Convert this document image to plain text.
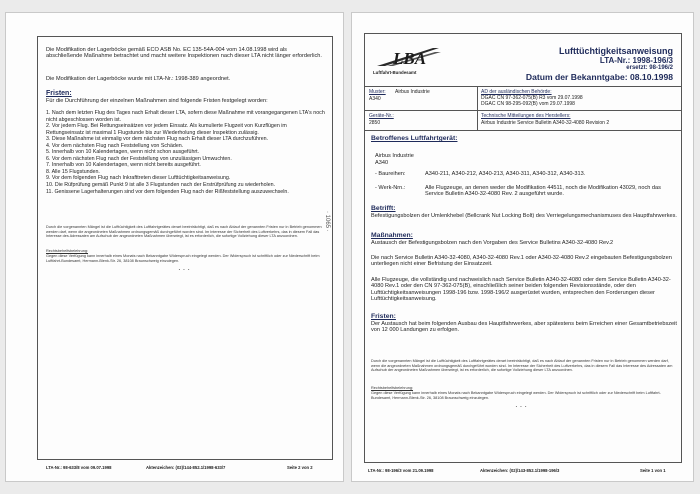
Die Modifikation der Lagerböcke gemäß ECO ASB No. EC 135-54A-004 vom 14.08.1998 wird als abschließende Maßnahme betrachtet und macht weitere Inspektionen nach dieser LTA nicht länger erforderlich.

Die Modifikation der Lagerböcke wurde mit LTA-Nr.: 1998-389 angeordnet.

Fristen:

Für die Durchführung der einzelnen Maßnahmen sind folgende Fristen festgelegt worden:

1. Nach dem letzten Flug des Tages nach Erhalt dieser LTA, sofern diese Maßnahme mit vorangegangenen LTA's noch nicht abgeschlossen worden ist.
2. Vor jedem Flug. Bei Rettungseinsätzen vor jedem Einsatz. Als kumulierte Flugzeit von Kurzflügen im Rettungseinsatz ist maximal 1 Flugstunde bis zur Wiederholung dieser Inspektion zulässig.
3. Diese Maßnahme ist einmalig vor dem nächsten Flug nach Erhalt dieser LTA durchzuführen.
4. Vor dem nächsten Flug nach Feststellung von Schäden.
5. Innerhalb von 10 Kalendertagen, wenn nicht schon ausgeführt.
6. Vor dem nächsten Flug nach der Feststellung von unzulässigen Umwuchten.
7. Innerhalb von 10 Kalendertagen, wenn nicht bereits ausgeführt.
8. Alle 15 Flugstunden.
9. Vor dem folgenden Flug nach Inkrafttreten dieser Lufttüchtigkeitsanweisung.
10. Die Rüfprüfung gemäß Punkt 9 ist alle 3 Flugstunden nach der Erstrüfprüfung zu wiederholen.
11. Genissene Lagerhalterungen sind vor dem folgenden Flug nach der Rißfeststellung auszuwechseln.

Durch die vorgenannten Mängel ist die Lufttüchtigkeit des Luftfahrtgerätes derart beeinträchtigt, daß es nach Ablauf der genannten Fristen nur in Betrieb genommen werden darf, wenn die angeordneten Maßnahmen ordnungsgemäß durchgeführt worden sind. Im Interesse der Sicherheit des Luftverkehrs, das in diesem Fall das Interesse des Adressaten am Aufschub der angeordneten Maßnahmen überwiegt, ist es erforderlich, die sofortige Vollziehung dieser LTA anzuordnen.

Rechtsbehelfsbelehrung:

Gegen diese Verfügung kann innerhalb eines Monats nach Bekanntgabe Widerspruch eingelegt werden. Der Widerspruch ist schriftlich oder zur Niederschrift beim Luftfahrt-Bundesamt, Hermann-Blenk-Str. 26, 38108 Braunschweig einzulegen.

···
LTA-Nr.: 98-633/8 vom 09.07.1998	Aktenzeichen: (02)/144-852.1/1998-633/7	Seite 2 von 2
· 1065 ·
LBA
Luftfahrt-Bundesamt
Lufttüchtigkeitsanweisung
LTA-Nr.: 1998-196/3
ersetzt: 98-196/2
Datum der Bekanntgabe: 08.10.1998
Muster: Airbus Industrie
A340
AD der ausländischen Behörde:
DGAC CN 97-362-075(B) R3 vom 29.07.1998
DGAC CN 98-295-092(B) vom 29.07.1998
Geräte-Nr.:
2850
Technische Mitteilungen des Herstellers:
Airbus Industrie Service Bulletin A340-32-4080 Revision 2
Betroffenes Luftfahrtgerät:
Airbus Industrie
A340
- Baureihen:	A340-211, A340-212, A340-213, A340-311, A340-312, A340-313.
- Werk-Nrn.:	Alle Flugzeuge, an denen weder die Modifikation 44511, noch die Modifikation 43029, noch das Service Bulletin A340-32-4080 Rev. 2 ausgeführt wurde.
Betrifft:

Befestigungsbolzen der Umlenkhebel (Bellcrank Nut Locking Bolt) des Verriegelungsmechanismuses des Hauptfahrwerkes.

Maßnahmen:

Austausch der Befestigungsbolzen nach den Vorgaben des Service Bulletins A340-32-4080 Rev.2

Die nach Service Bulletin A340-32-4080, A340-32-4080 Rev.1 oder A340-32-4080 Rev.2 eingebauten Befestigungsbolzen unterliegen nicht einer Befristung der Einsatzzeit.

Alle Flugzeuge, die vollständig und nachweislich nach Service Bulletin A340-32-4080 oder dem Service Bulletin A340-32-4080 Rev.1 oder den CN 97-362-075(B), einschließlich seiner beiden folgenden Revisionsstände, oder den Lufttüchtigkeitsanweisungen 1998-196 bzw. 1998-196/2 ausgerüstet wurden, entsprechen den Forderungen dieser Lufttüchtigkeitsanweisung.

Fristen:

Der Austausch hat beim folgenden Ausbau des Hauptfahrwerkes, aber spätestens beim Erreichen einer Gesamtbetriebszeit von 12 000 Landungen zu erfolgen.

Durch die vorgenannten Mängel ist die Lufttüchtigkeit des Luftfahrtgerätes derart beeinträchtigt, daß es nach Ablauf der genannten Fristen nur in Betrieb genommen werden darf, wenn die angeordneten Maßnahmen ordnungsgemäß durchgeführt worden sind. Im Interesse der Sicherheit des Luftverkehrs, das in diesem Fall das Interesse des Adressaten am Aufschub der angeordneten Maßnahmen überwiegt, ist es erforderlich, die sofortige Vollziehung dieser LTA anzuordnen.

Rechtsbehelfsbelehrung:

Gegen diese Verfügung kann innerhalb eines Monats nach Bekanntgabe Widerspruch eingelegt werden. Der Widerspruch ist schriftlich oder zur Niederschrift beim Luftfahrt-Bundesamt, Hermann-Blenk-Str. 26, 38108 Braunschweig einzulegen.

···
LTA-Nr.: 98-196/3 vom 21.09.1998	Aktenzeichen: (02)/143-852.1/1998-196/3	Seite 1 von 1
